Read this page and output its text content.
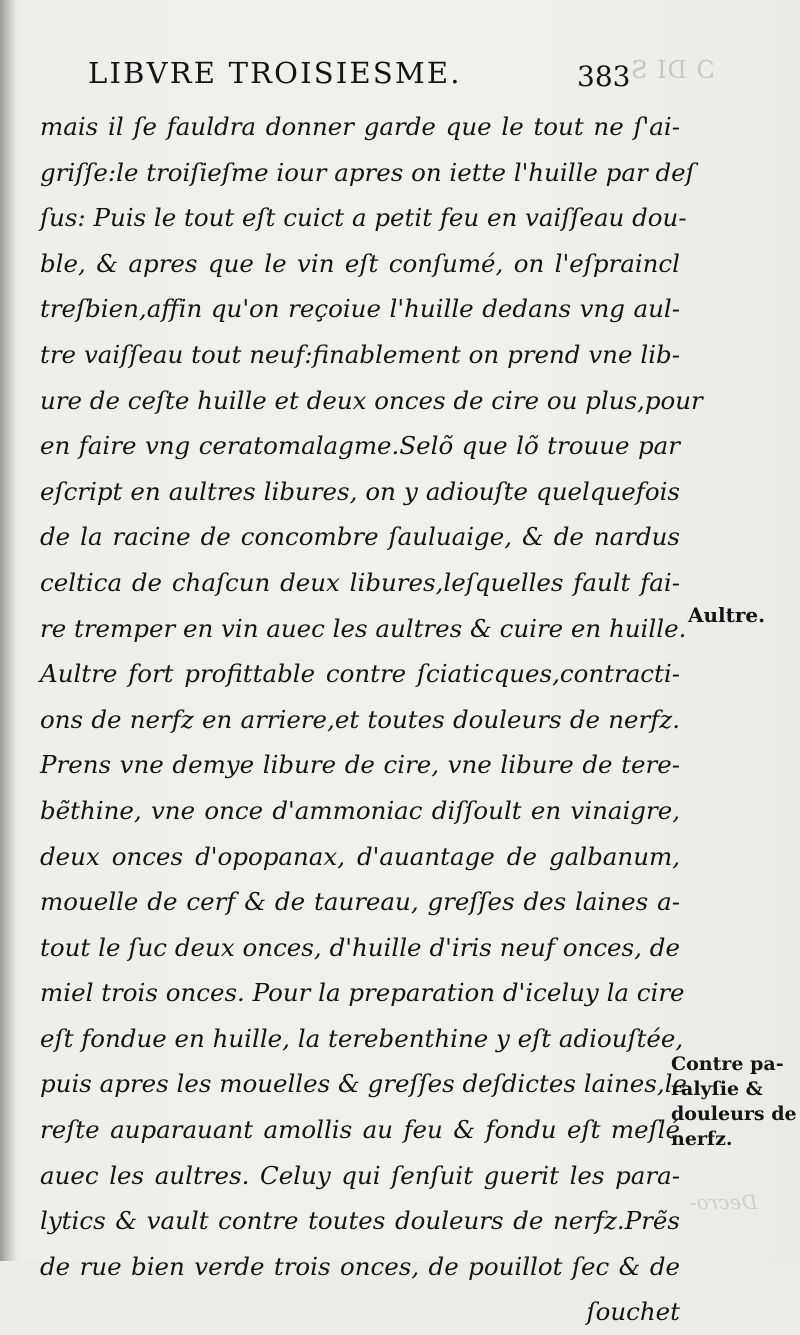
Ɔ DI S
Decro-
LIBVRE TROISIESME.	383
mais il ſe fauldra donner garde que le tout ne ſ'ai-
griſſe:le troiſieſme iour apres on iette l'huille par deſ
ſus: Puis le tout eſt cuict a petit feu en vaiſſeau dou-
ble, & apres que le vin eſt conſumé, on l'eſpraincl
treſbien,affin qu'on reçoiue l'huille dedans vng aul-
tre vaiſſeau tout neuf:finablement on prend vne lib-
ure de ceſte huille et deux onces de cire ou plus,pour
en faire vng ceratomalagme.Selõ que lõ trouue par
eſcript en aultres libures, on y adiouſte quelquefois
de la racine de concombre ſauluaige, & de nardus
celtica de chaſcun deux libures,leſquelles fault fai-
re tremper en vin auec les aultres & cuire en huille.
Aultre fort profittable contre ſciaticques,contracti-
ons de nerfz en arriere,et toutes douleurs de nerfz.
Prens vne demye libure de cire, vne libure de tere-
bẽthine, vne once d'ammoniac diſſoult en vinaigre,
deux onces d'opopanax, d'auantage de galbanum,
mouelle de cerf & de taureau, greſſes des laines a-
tout le ſuc deux onces, d'huille d'iris neuf onces, de
miel trois onces. Pour la preparation d'iceluy la cire
eſt fondue en huille, la terebenthine y eſt adiouſtée,
puis apres les mouelles & greſſes deſdictes laines,le
reſte auparauant amollis au feu & fondu eſt meſlé
auec les aultres. Celuy qui ſenſuit guerit les para-
lytics & vault contre toutes douleurs de nerfz.Prẽs
de rue bien verde trois onces, de pouillot ſec & de
ſouchet
Aultre.
Contre pa-
ralyſie &
douleurs de
nerfz.
